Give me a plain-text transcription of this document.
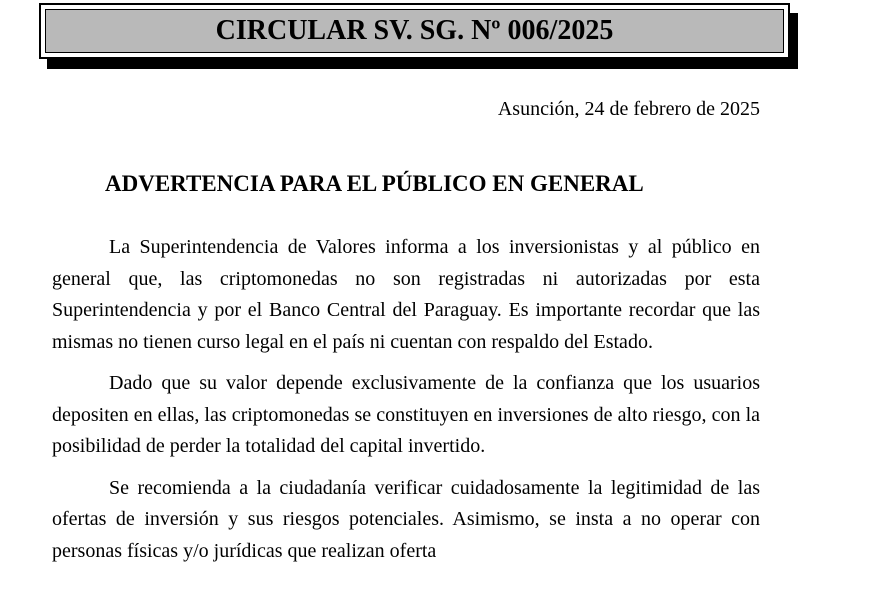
CIRCULAR SV. SG. Nº 006/2025
Asunción, 24 de febrero de 2025
ADVERTENCIA PARA EL PÚBLICO EN GENERAL

La Superintendencia de Valores informa a los inversionistas y al público en general que, las criptomonedas no son registradas ni autorizadas por esta Superintendencia y por el Banco Central del Paraguay. Es importante recordar que las mismas no tienen curso legal en el país ni cuentan con respaldo del Estado.

Dado que su valor depende exclusivamente de la confianza que los usuarios depositen en ellas, las criptomonedas se constituyen en inversiones de alto riesgo, con la posibilidad de perder la totalidad del capital invertido.

Se recomienda a la ciudadanía verificar cuidadosamente la legitimidad de las ofertas de inversión y sus riesgos potenciales. Asimismo, se insta a no operar con personas físicas y/o jurídicas que realizan oferta
